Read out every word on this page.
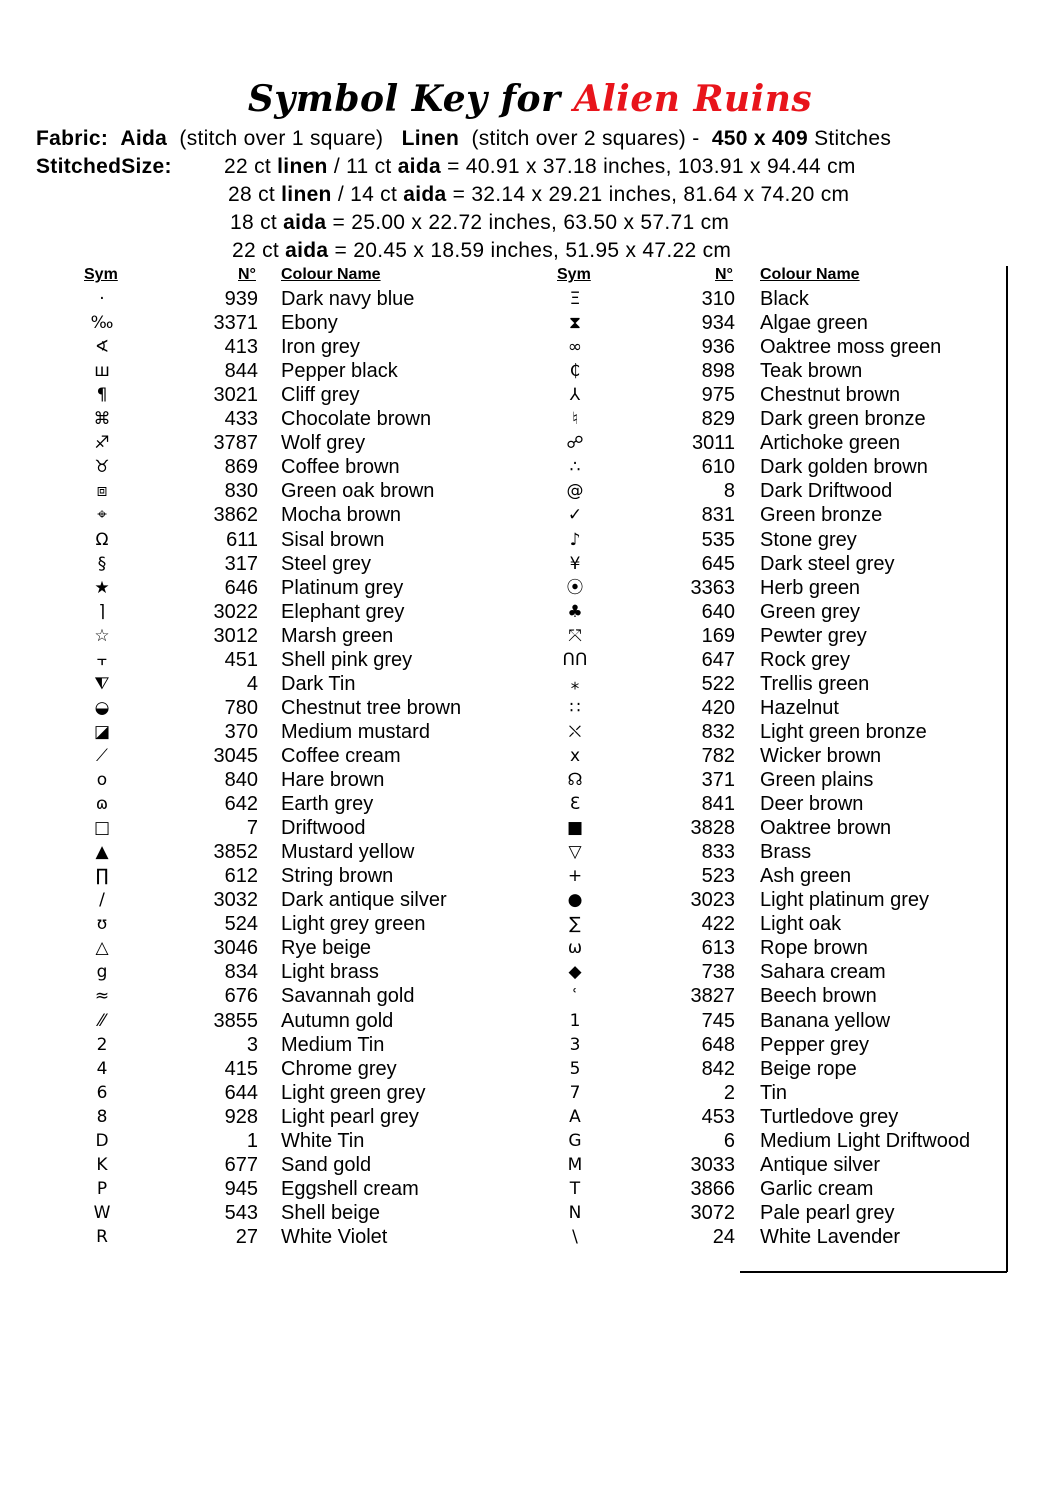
Symbol Key for Alien Ruins
Fabric: Aida (stitch over 1 square) Linen (stitch over 2 squares) - 450 x 409 Stitches
StitchedSize: 22 ct linen / 11 ct aida = 40.91 x 37.18 inches, 103.91 x 94.44 cm
28 ct linen / 14 ct aida = 32.14 x 29.21 inches, 81.64 x 74.20 cm
18 ct aida = 25.00 x 22.72 inches, 63.50 x 57.71 cm
22 ct aida = 20.45 x 18.59 inches, 51.95 x 47.22 cm
Sym	N° Colour Name	Sym	N° Colour Name
·	939 Dark navy blue
‰	3371 Ebony
∢	413 Iron grey
ш	844 Pepper black
¶	3021 Cliff grey
⌘	433 Chocolate brown
♐	3787 Wolf grey
♉	869 Coffee brown
⧈	830 Green oak brown
⌖	3862 Mocha brown
Ω	611 Sisal brown
§	317 Steel grey
★	646 Platinum grey
⌉	3022 Elephant grey
☆	3012 Marsh green
⫟	451 Shell pink grey
⧨	4 Dark Tin
◒	780 Chestnut tree brown
◪	370 Medium mustard
⟋	3045 Coffee cream
o	840 Hare brown
ɷ	642 Earth grey
□	7 Driftwood
▲	3852 Mustard yellow
∏	612 String brown
/	3032 Dark antique silver
ʊ	524 Light grey green
△	3046 Rye beige
g	834 Light brass
≈	676 Savannah gold
⁄⁄	3855 Autumn gold
2	3 Medium Tin
4	415 Chrome grey
6	644 Light green grey
8	928 Light pearl grey
D	1 White Tin
K	677 Sand gold
P	945 Eggshell cream
W	543 Shell beige
R	27 White Violet
Ξ	310 Black
⧗	934 Algae green
∞	936 Oaktree moss green
₵	898 Teak brown
⅄	975 Chestnut brown
♮	829 Dark green bronze
☍	3011 Artichoke green
∴	610 Dark golden brown
@	8 Dark Driftwood
✓	831 Green bronze
♪	535 Stone grey
¥	645 Dark steel grey
⦿	3363 Herb green
♣	640 Green grey
⤧	169 Pewter grey
ՈՈ	647 Rock grey
⁎	522 Trellis green
∷	420 Hazelnut
⛌	832 Light green bronze
x	782 Wicker brown
☊	371 Green plains
Ɛ	841 Deer brown
■	3828 Oaktree brown
▽	833 Brass
+	523 Ash green
●	3023 Light platinum grey
∑	422 Light oak
ω	613 Rope brown
◆	738 Sahara cream
ʿ	3827 Beech brown
1	745 Banana yellow
3	648 Pepper grey
5	842 Beige rope
7	2 Tin
A	453 Turtledove grey
G	6 Medium Light Driftwood
M	3033 Antique silver
T	3866 Garlic cream
N	3072 Pale pearl grey
\	24 White Lavender
